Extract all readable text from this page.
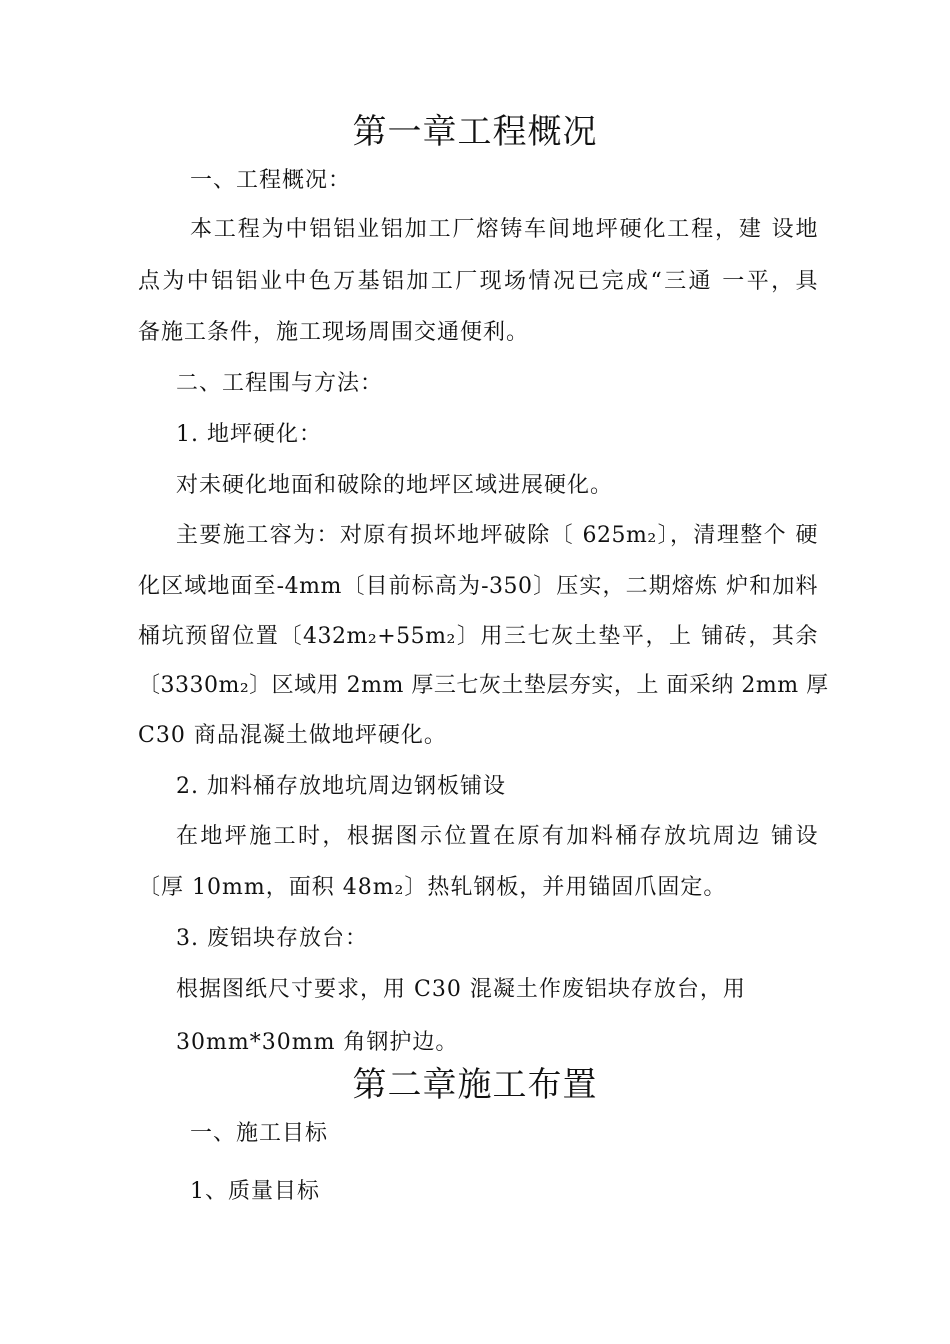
第一章工程概况
一、工程概况：
本工程为中铝铝业铝加工厂熔铸车间地坪硬化工程，建 设地
点为中铝铝业中色万基铝加工厂现场情况已完成“三通 一平，具
备施工条件，施工现场周围交通便利。
二、工程围与方法：
1. 地坪硬化：
对未硬化地面和破除的地坪区域进展硬化。
主要施工容为：对原有损坏地坪破除〔 625m₂〕，清理整个 硬
化区域地面至-4mm〔目前标高为-350〕压实，二期熔炼 炉和加料
桶坑预留位置〔432m₂+55m₂〕用三七灰土垫平，上 铺砖，其余
〔3330m₂〕区域用 2mm 厚三七灰土垫层夯实，上 面采纳 2mm 厚
C30 商品混凝土做地坪硬化。
2. 加料桶存放地坑周边钢板铺设
在地坪施工时，根据图示位置在原有加料桶存放坑周边 铺设
〔厚 10mm，面积 48m₂〕热轧钢板，并用锚固爪固定。
3. 废铝块存放台：
根据图纸尺寸要求，用 C30 混凝土作废铝块存放台，用
30mm*30mm 角钢护边。
第二章施工布置
一、施工目标
1、质量目标
